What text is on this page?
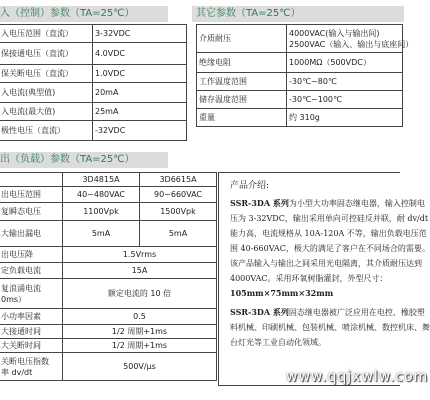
入（控制）参数（TA=25℃）	其它参数（TA=25℃）
出（负载）参数（TA=25℃）
入电压范围（直流）	3-32VDC
保接通电压（直流）	4.0VDC
保关断电压（直流）	1.0VDC
入电流(典型值)	20mA
入电流(最大值)	25mA
极性电压（直流）	-32VDC
介质耐压	4000VAC(输入与输出间)
2500VAC（输入、输出与底座间）
绝缘电阻	1000MΩ（500VDC）
工作温度范围	-30℃~80℃
储存温度范围	-30℃~100℃
重量	约 310g
	3D4815A	3D6615A
出电压范围	40~480VAC	90~660VAC
复瞬态电压	1100Vpk	1500Vpk
大输出漏电	5mA	5mA
出电压降	1.5Vrms	
定负载电流	15A	
复浪涌电流
0ms）	额定电流的 10 倍	
小功率因素	0.5	
大接通时间	1/2 周期+1ms	
大关断时间	1/2 周期+1ms	
关断电压指数
率 dv/dt	500V/μs	
产品介绍:

SSR-3DA 系列为小型大功率固态继电器，输入控制电压为 3-32VDC，输出采用单向可控硅反并联，耐 dv/dt 能力高，电流规格从 10A-120A 不等，输出负载电压范围 40-660VAC，极大的满足了客户在不同场合的需要。该产品输入与输出之间采用光电隔离，其介质耐压达到 4000VAC。采用环氧树脂灌封，外型尺寸：105mm×75mm×32mm

SSR-3DA 系列固态继电器被广泛应用在电控、橡胶塑料机械、印刷机械、包装机械、喷涂机械、数控机床、舞台灯光等工业自动化领域。

www.qqjxwlw.com
